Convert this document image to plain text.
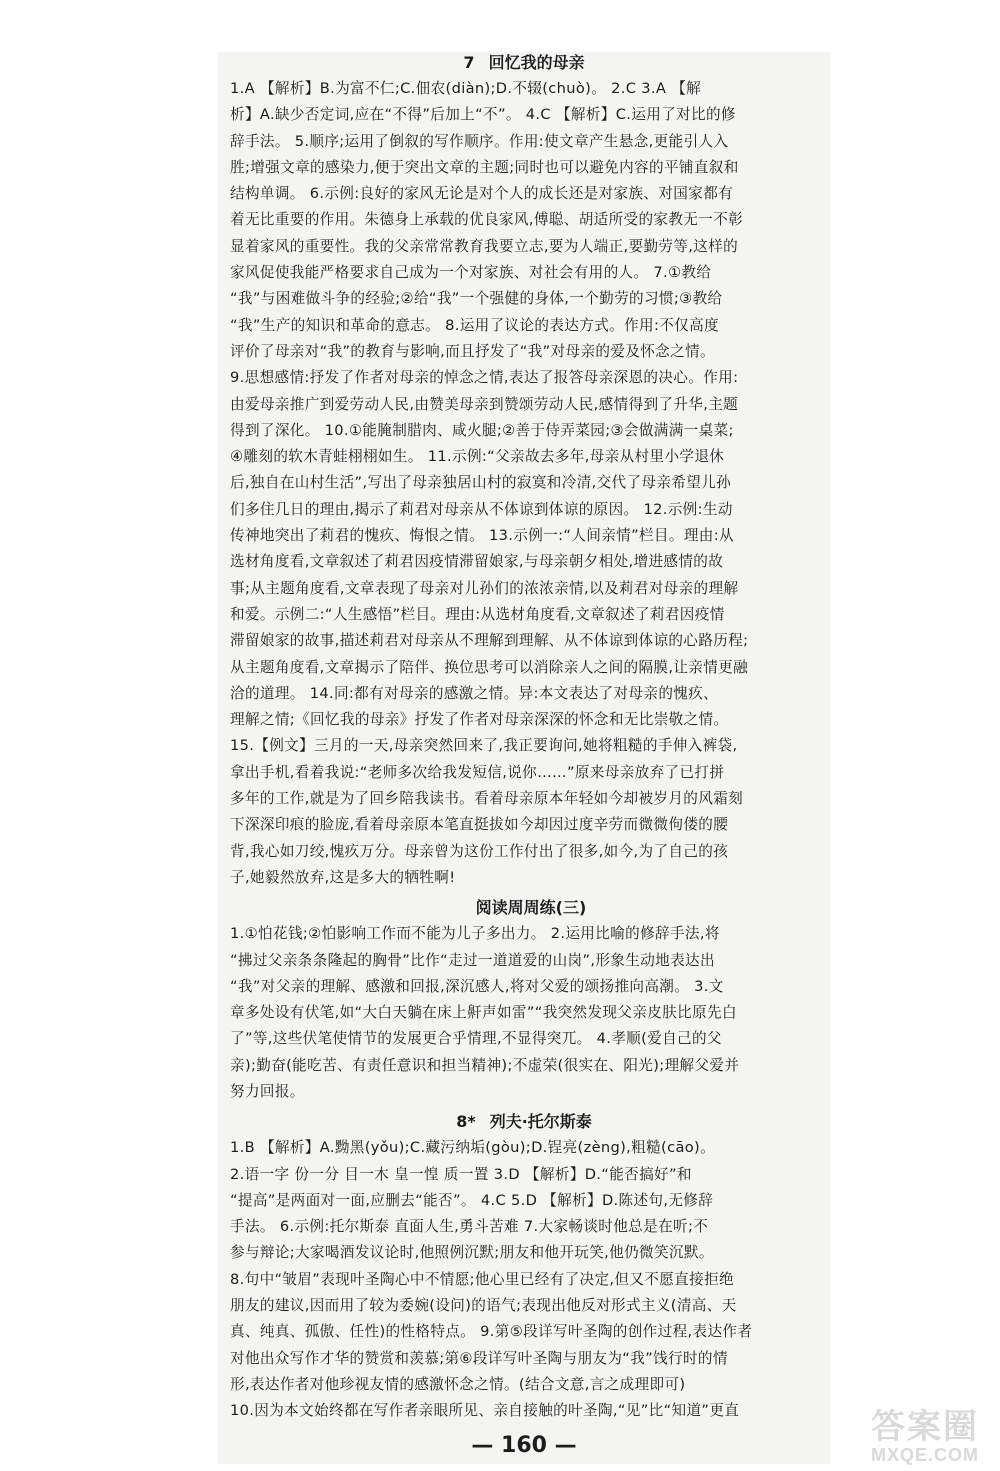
7 回忆我的母亲
1.A 【解析】B.为富不仁;C.佃农(diàn);D.不辍(chuò)。 2.C 3.A 【解
析】A.缺少否定词,应在“不得”后加上“不”。 4.C 【解析】C.运用了对比的修
辞手法。 5.顺序;运用了倒叙的写作顺序。作用:使文章产生悬念,更能引人入
胜;增强文章的感染力,便于突出文章的主题;同时也可以避免内容的平铺直叙和
结构单调。 6.示例:良好的家风无论是对个人的成长还是对家族、对国家都有
着无比重要的作用。朱德身上承载的优良家风,傅聪、胡适所受的家教无一不彰
显着家风的重要性。我的父亲常常教育我要立志,要为人端正,要勤劳等,这样的
家风促使我能严格要求自己成为一个对家族、对社会有用的人。 7.①教给
“我”与困难做斗争的经验;②给“我”一个强健的身体,一个勤劳的习惯;③教给
“我”生产的知识和革命的意志。 8.运用了议论的表达方式。作用:不仅高度
评价了母亲对“我”的教育与影响,而且抒发了“我”对母亲的爱及怀念之情。
9.思想感情:抒发了作者对母亲的悼念之情,表达了报答母亲深恩的决心。作用:
由爱母亲推广到爱劳动人民,由赞美母亲到赞颂劳动人民,感情得到了升华,主题
得到了深化。 10.①能腌制腊肉、咸火腿;②善于侍弄菜园;③会做满满一桌菜;
④雕刻的软木青蛙栩栩如生。 11.示例:“父亲故去多年,母亲从村里小学退休
后,独自在山村生活”,写出了母亲独居山村的寂寞和冷清,交代了母亲希望儿孙
们多住几日的理由,揭示了莉君对母亲从不体谅到体谅的原因。 12.示例:生动
传神地突出了莉君的愧疚、悔恨之情。 13.示例一:“人间亲情”栏目。理由:从
选材角度看,文章叙述了莉君因疫情滞留娘家,与母亲朝夕相处,增进感情的故
事;从主题角度看,文章表现了母亲对儿孙们的浓浓亲情,以及莉君对母亲的理解
和爱。示例二:“人生感悟”栏目。理由:从选材角度看,文章叙述了莉君因疫情
滞留娘家的故事,描述莉君对母亲从不理解到理解、从不体谅到体谅的心路历程;
从主题角度看,文章揭示了陪伴、换位思考可以消除亲人之间的隔膜,让亲情更融
洽的道理。 14.同:都有对母亲的感激之情。异:本文表达了对母亲的愧疚、
理解之情;《回忆我的母亲》抒发了作者对母亲深深的怀念和无比崇敬之情。
15.【例文】三月的一天,母亲突然回来了,我正要询问,她将粗糙的手伸入裤袋,
拿出手机,看着我说:“老师多次给我发短信,说你……”原来母亲放弃了已打拼
多年的工作,就是为了回乡陪我读书。看着母亲原本年轻如今却被岁月的风霜刻
下深深印痕的脸庞,看着母亲原本笔直挺拔如今却因过度辛劳而微微佝偻的腰
背,我心如刀绞,愧疚万分。母亲曾为这份工作付出了很多,如今,为了自己的孩
子,她毅然放弃,这是多大的牺牲啊!
阅读周周练(三)
1.①怕花钱;②怕影响工作而不能为儿子多出力。 2.运用比喻的修辞手法,将
“拂过父亲条条隆起的胸骨”比作“走过一道道爱的山岗”,形象生动地表达出
“我”对父亲的理解、感激和回报,深沉感人,将对父爱的颂扬推向高潮。 3.文
章多处设有伏笔,如“大白天躺在床上鼾声如雷”“我突然发现父亲皮肤比原先白
了”等,这些伏笔使情节的发展更合乎情理,不显得突兀。 4.孝顺(爱自己的父
亲);勤奋(能吃苦、有责任意识和担当精神);不虚荣(很实在、阳光);理解父爱并
努力回报。
8* 列夫·托尔斯泰
1.B 【解析】A.黝黑(yǒu);C.藏污纳垢(gòu);D.锃亮(zèng),粗糙(cāo)。
2.语一字 份一分 目一木 皇一惶 质一置 3.D 【解析】D.“能否搞好”和
“提高”是两面对一面,应删去“能否”。 4.C 5.D 【解析】D.陈述句,无修辞
手法。 6.示例:托尔斯泰 直面人生,勇斗苦难 7.大家畅谈时他总是在听;不
参与辩论;大家喝酒发议论时,他照例沉默;朋友和他开玩笑,他仍微笑沉默。
8.句中“皱眉”表现叶圣陶心中不情愿;他心里已经有了决定,但又不愿直接拒绝
朋友的建议,因而用了较为委婉(设问)的语气;表现出他反对形式主义(清高、天
真、纯真、孤傲、任性)的性格特点。 9.第⑤段详写叶圣陶的创作过程,表达作者
对他出众写作才华的赞赏和羡慕;第⑥段详写叶圣陶与朋友为“我”饯行时的情
形,表达作者对他珍视友情的感激怀念之情。(结合文意,言之成理即可)
10.因为本文始终都在写作者亲眼所见、亲自接触的叶圣陶,“见”比“知道”更直
— 160 —	答案圈
MXQE.COM
